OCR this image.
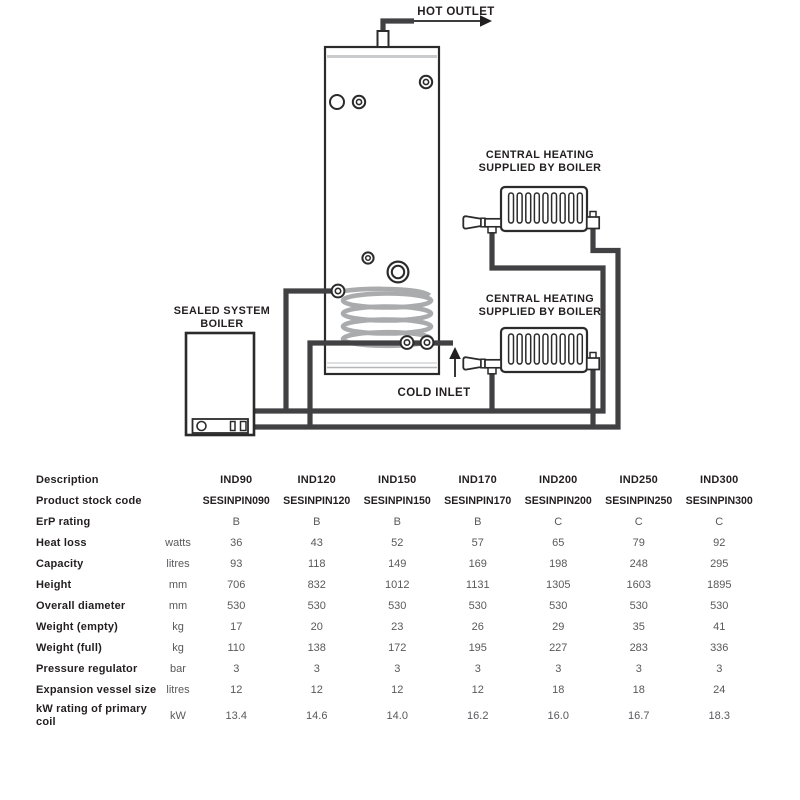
HOT OUTLET
CENTRAL HEATING
SUPPLIED BY BOILER
CENTRAL HEATING
SUPPLIED BY BOILER
SEALED SYSTEM
BOILER
COLD INLET
Description		IND90	IND120	IND150	IND170	IND200	IND250	IND300
Product stock code		SESINPIN090	SESINPIN120	SESINPIN150	SESINPIN170	SESINPIN200	SESINPIN250	SESINPIN300
ErP rating		B	B	B	B	C	C	C
Heat loss	watts	36	43	52	57	65	79	92
Capacity	litres	93	118	149	169	198	248	295
Height	mm	706	832	1012	1131	1305	1603	1895
Overall diameter	mm	530	530	530	530	530	530	530
Weight (empty)	kg	17	20	23	26	29	35	41
Weight (full)	kg	110	138	172	195	227	283	336
Pressure regulator	bar	3	3	3	3	3	3	3
Expansion vessel size	litres	12	12	12	12	18	18	24
kW rating of primary coil	kW	13.4	14.6	14.0	16.2	16.0	16.7	18.3
